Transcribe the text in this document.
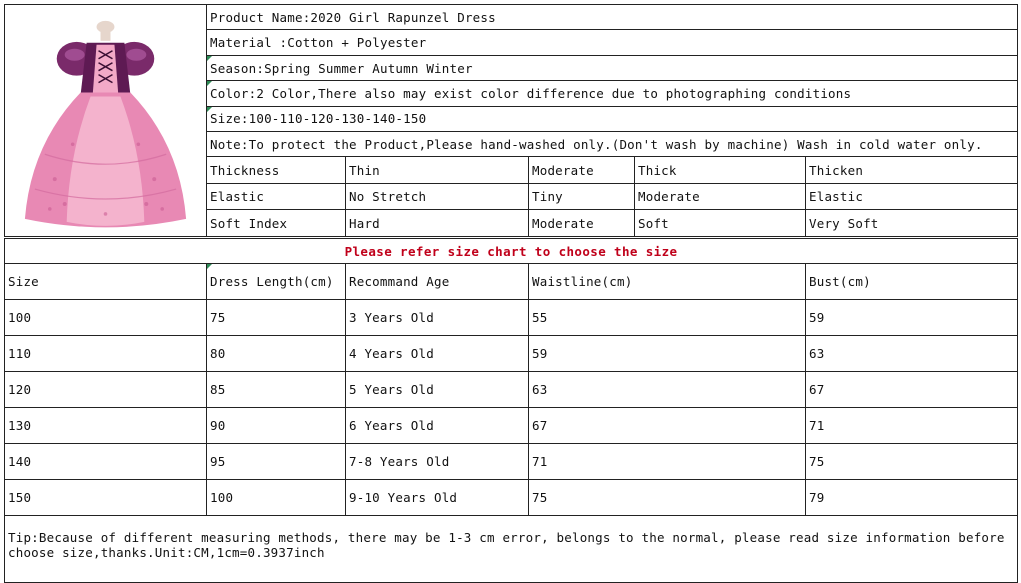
	Product Name:2020 Girl Rapunzel Dress				
	Material :Cotton + Polyester				
	Season:Spring Summer Autumn Winter				
	Color:2 Color,There also may exist color difference due to photographing conditions				
	Size:100-110-120-130-140-150				
	Note:To protect the Product,Please hand-washed only.(Don't wash by machine) Wash in cold water only.				
	Thickness	Thin	Moderate	Thick	Thicken
	Elastic	No Stretch	Tiny	Moderate	Elastic
	Soft Index	Hard	Moderate	Soft	Very Soft
Please refer size chart to choose the size				
Size	Dress Length(cm)	Recommand Age	Waistline(cm)	Bust(cm)
100	75	3 Years Old	55	59
110	80	4 Years Old	59	63
120	85	5 Years Old	63	67
130	90	6 Years Old	67	71
140	95	7-8 Years Old	71	75
150	100	9-10 Years Old	75	79
Tip:Because of different measuring methods, there may be 1-3 cm error, belongs to the normal, please read size information before choose size,thanks.Unit:CM,1cm=0.3937inch				
